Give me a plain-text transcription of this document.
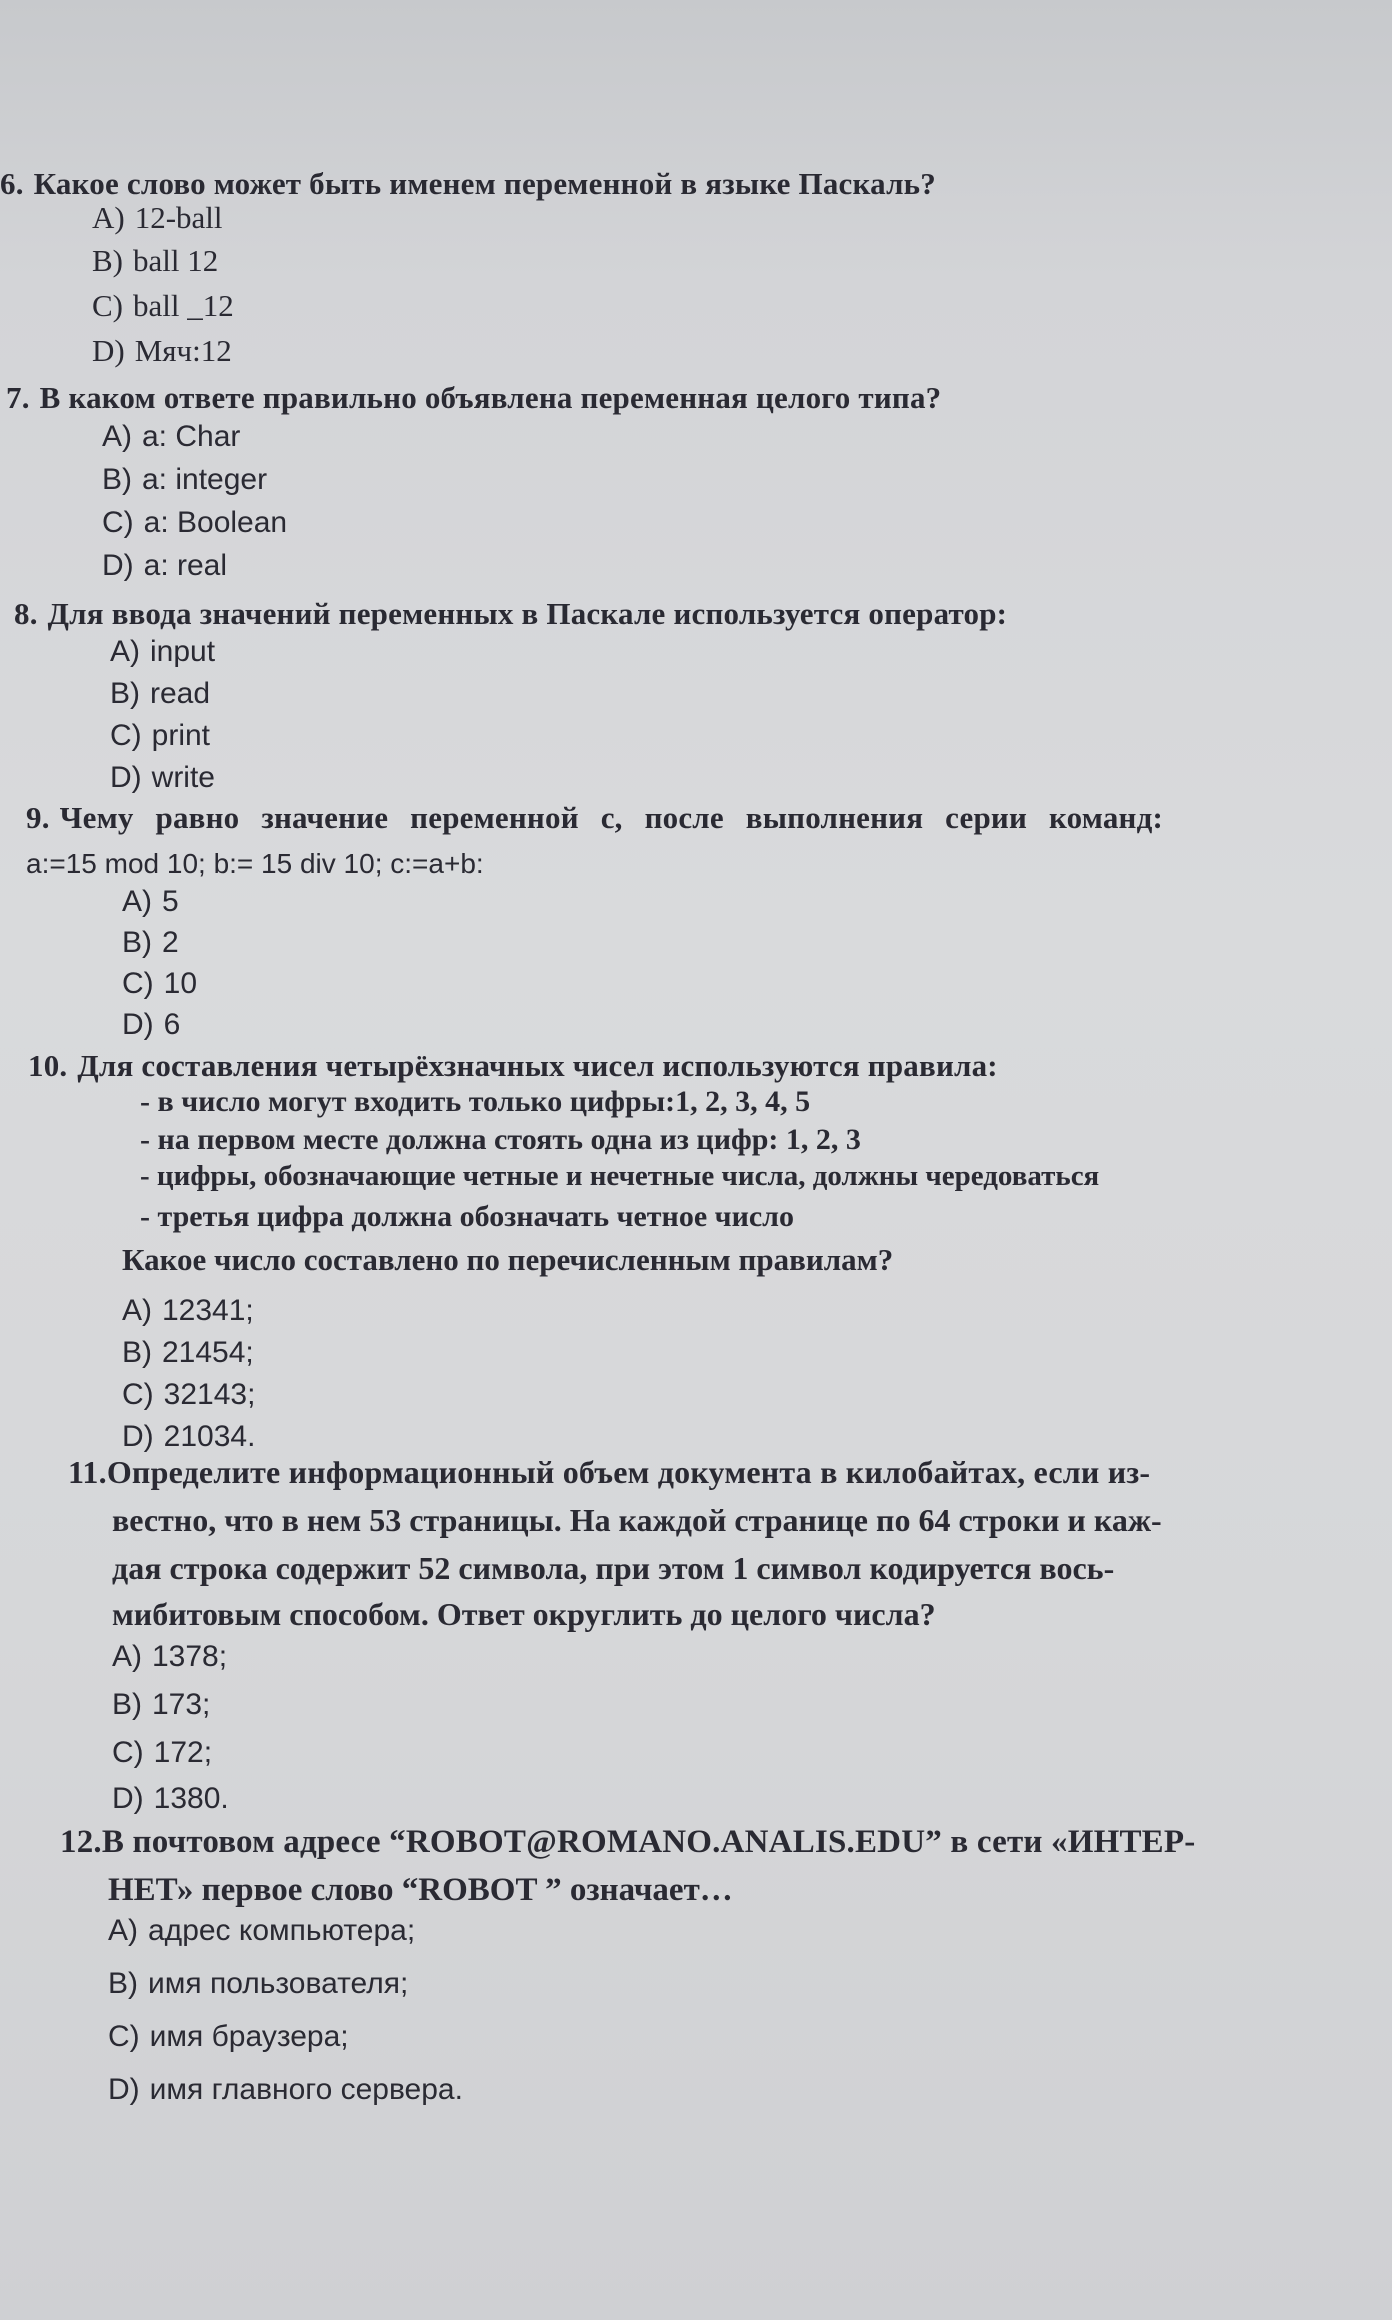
6. Какое слово может быть именем переменной в языке Паскаль?
A) 12-ball
B) ball 12
C) ball _12
D) Мяч:12
7. В каком ответе правильно объявлена переменная целого типа?
A) a: Char
B) a: integer
C) a: Boolean
D) a: real
8. Для ввода значений переменных в Паскале используется оператор:
A) input
B) read
C) print
D) write
9. Чему равно значение переменной с, после выполнения серии команд:
a:=15 mod 10; b:= 15 div 10; c:=a+b:
A) 5
B) 2
C) 10
D) 6
10. Для составления четырёхзначных чисел используются правила:
- в число могут входить только цифры:1, 2, 3, 4, 5
- на первом месте должна стоять одна из цифр: 1, 2, 3
- цифры, обозначающие четные и нечетные числа, должны чередоваться
- третья цифра должна обозначать четное число
Какое число составлено по перечисленным правилам?
A) 12341;
B) 21454;
C) 32143;
D) 21034.
11.Определите информационный объем документа в килобайтах, если из-
вестно, что в нем 53 страницы. На каждой странице по 64 строки и каж-
дая строка содержит 52 символа, при этом 1 символ кодируется вось-
мибитовым способом. Ответ округлить до целого числа?
A) 1378;
B) 173;
C) 172;
D) 1380.
12.В почтовом адресе “ROBOT@ROMANO.ANALIS.EDU” в сети «ИНТЕР-
НЕТ» первое слово “ROBOT ” означает…
A) адрес компьютера;
B) имя пользователя;
C) имя браузера;
D) имя главного сервера.
